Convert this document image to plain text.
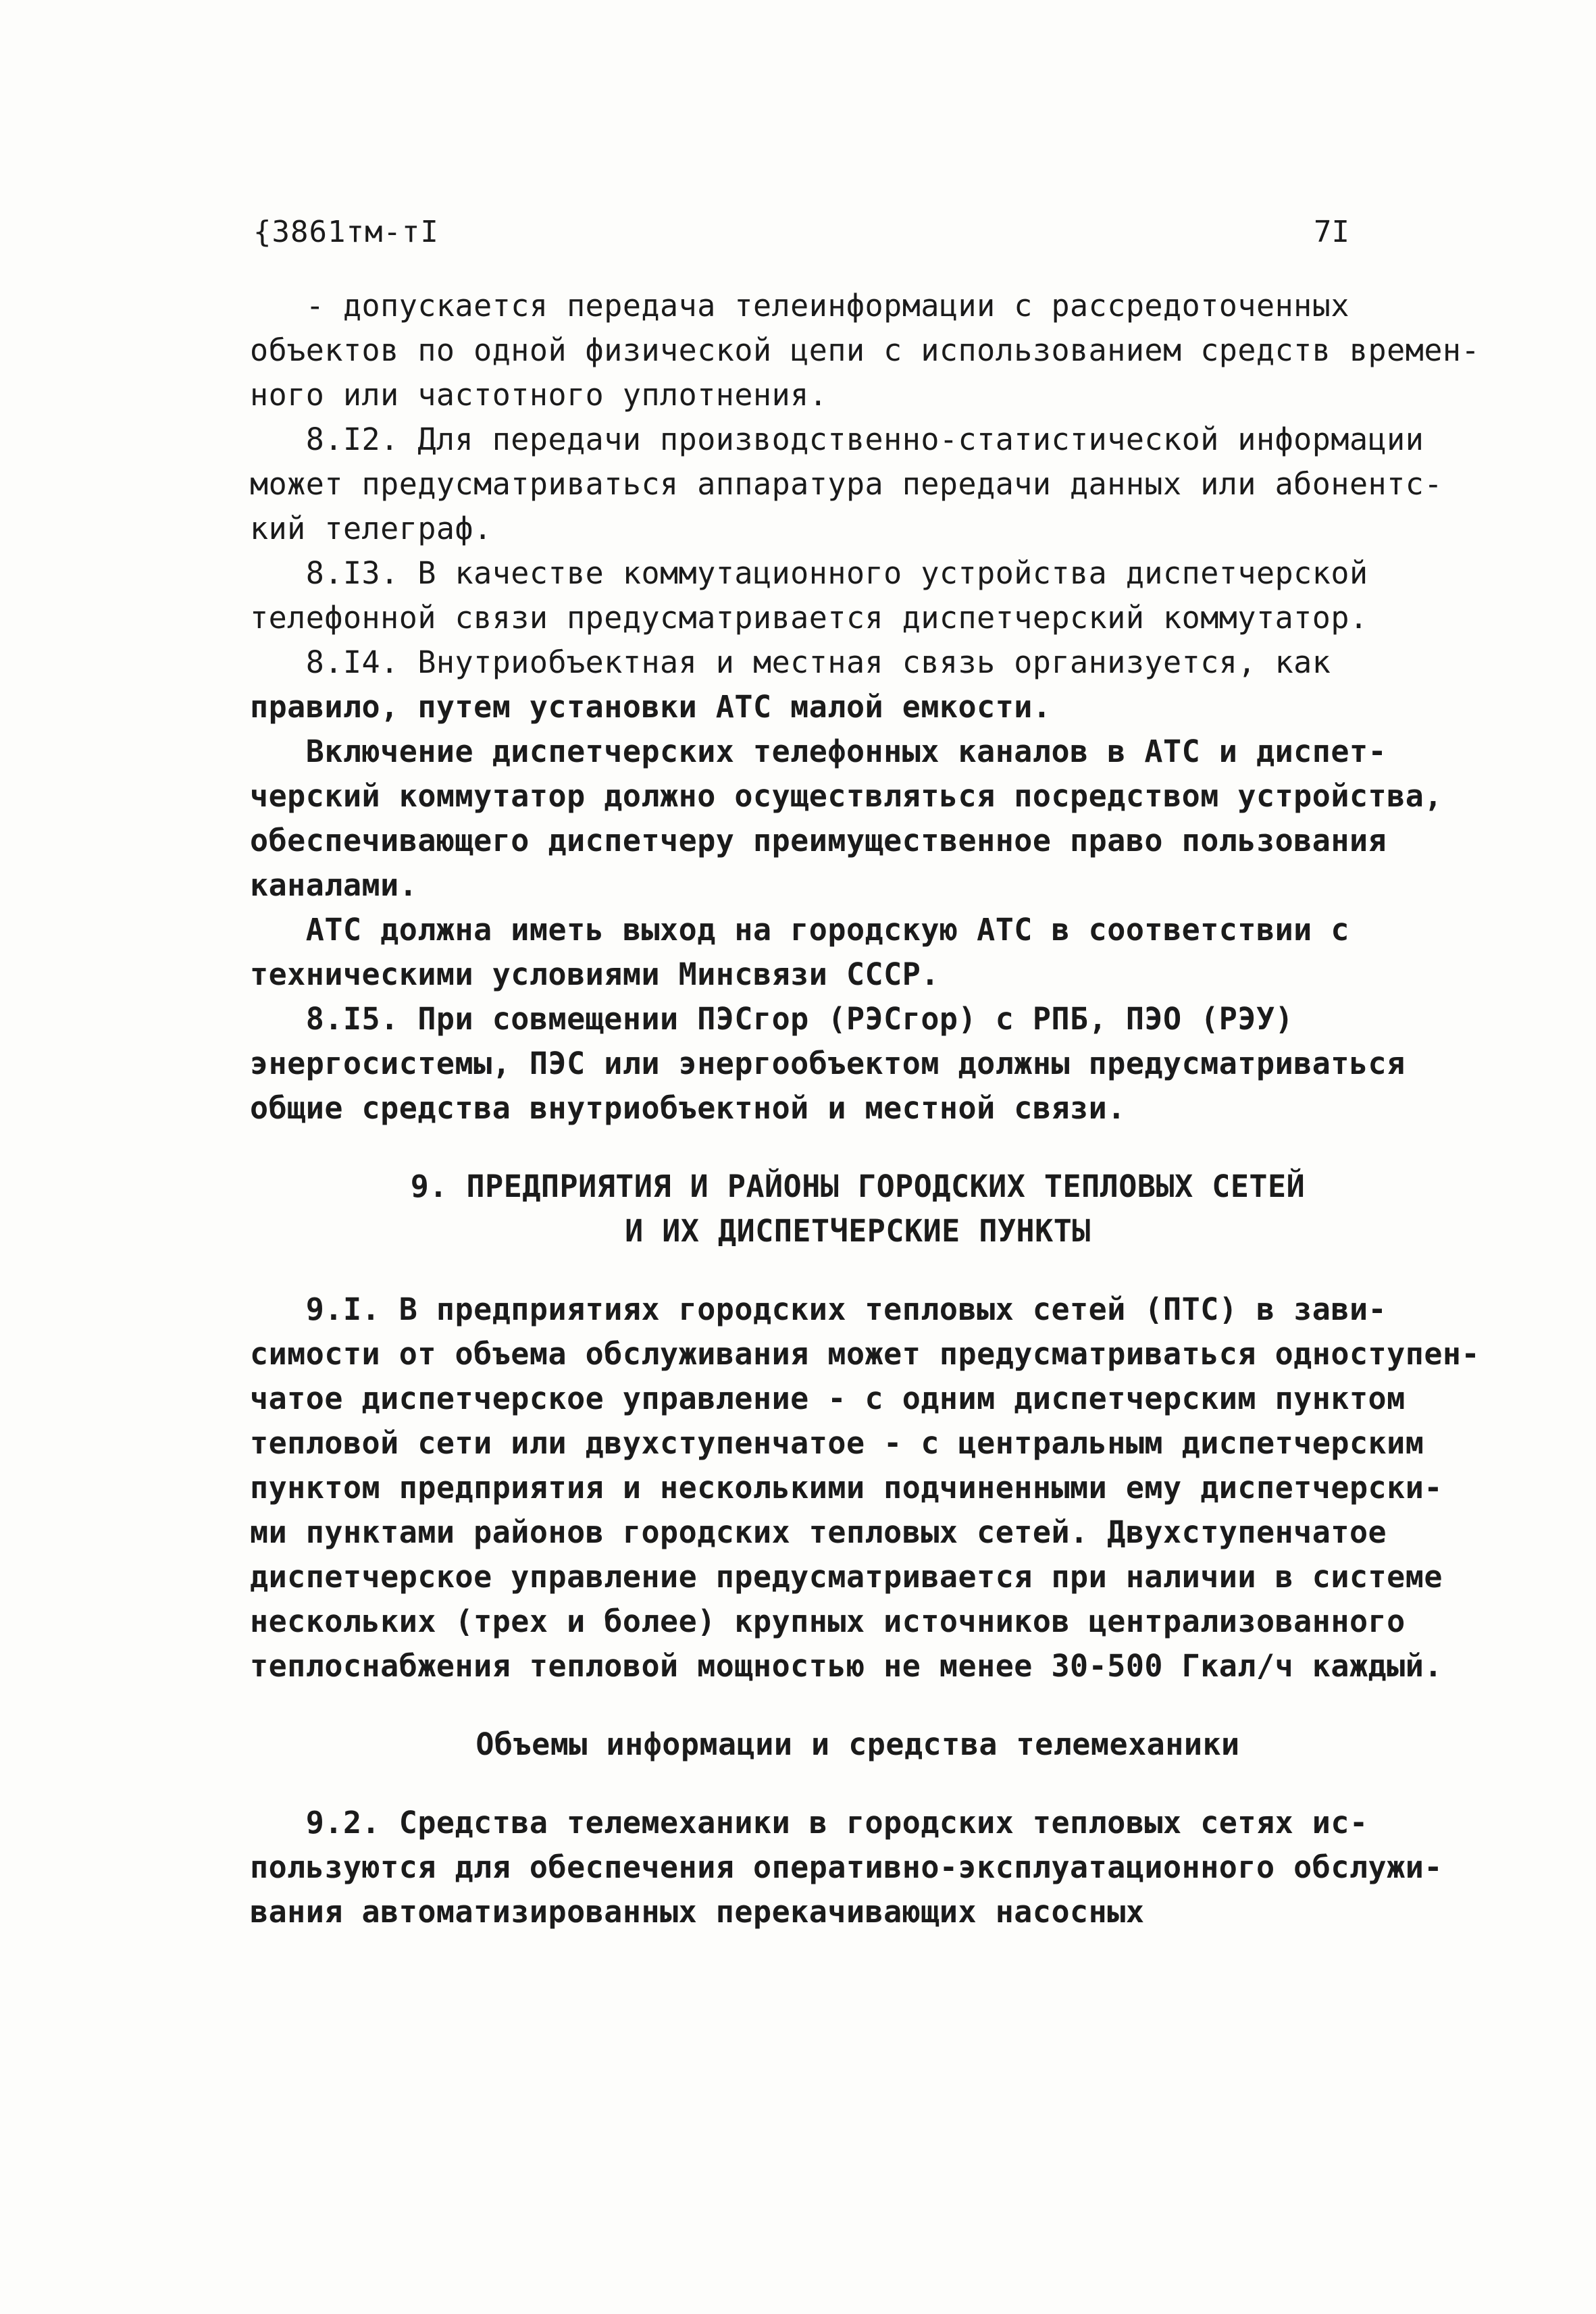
{3861тм-тI	7I

- допускается передача телеинформации с рассредоточенных

объектов по одной физической цепи с использованием средств времен-

ного или частотного уплотнения.

8.I2. Для передачи производственно-статистической информации

может предусматриваться аппаратура передачи данных или абонентс-

кий телеграф.

8.I3. В качестве коммутационного устройства диспетчерской

телефонной связи предусматривается диспетчерский коммутатор.

8.I4. Внутриобъектная и местная связь организуется, как

правило, путем установки АТС малой емкости.

Включение диспетчерских телефонных каналов в АТС и диспет-

черский коммутатор должно осуществляться посредством устройства,

обеспечивающего диспетчеру преимущественное право пользования

каналами.

АТС должна иметь выход на городскую АТС в соответствии с

техническими условиями Минсвязи СССР.

8.I5. При совмещении ПЭСгор (РЭСгор) с РПБ, ПЭО (РЭУ)

энергосистемы, ПЭС или энергообъектом должны предусматриваться

общие средства внутриобъектной и местной связи.

9. ПРЕДПРИЯТИЯ И РАЙОНЫ ГОРОДСКИХ ТЕПЛОВЫХ СЕТЕЙ

И ИХ ДИСПЕТЧЕРСКИЕ ПУНКТЫ

9.I. В предприятиях городских тепловых сетей (ПТС) в зави-

симости от объема обслуживания может предусматриваться одноступен-

чатое диспетчерское управление - с одним диспетчерским пунктом

тепловой сети или двухступенчатое - с центральным диспетчерским

пунктом предприятия и несколькими подчиненными ему диспетчерски-

ми пунктами районов городских тепловых сетей. Двухступенчатое

диспетчерское управление предусматривается при наличии в системе

нескольких (трех и более) крупных источников централизованного

теплоснабжения тепловой мощностью не менее 30-500 Гкал/ч каждый.

Объемы информации и средства телемеханики

9.2. Средства телемеханики в городских тепловых сетях ис-

пользуются для обеспечения оперативно-эксплуатационного обслужи-

вания автоматизированных перекачивающих насосных
